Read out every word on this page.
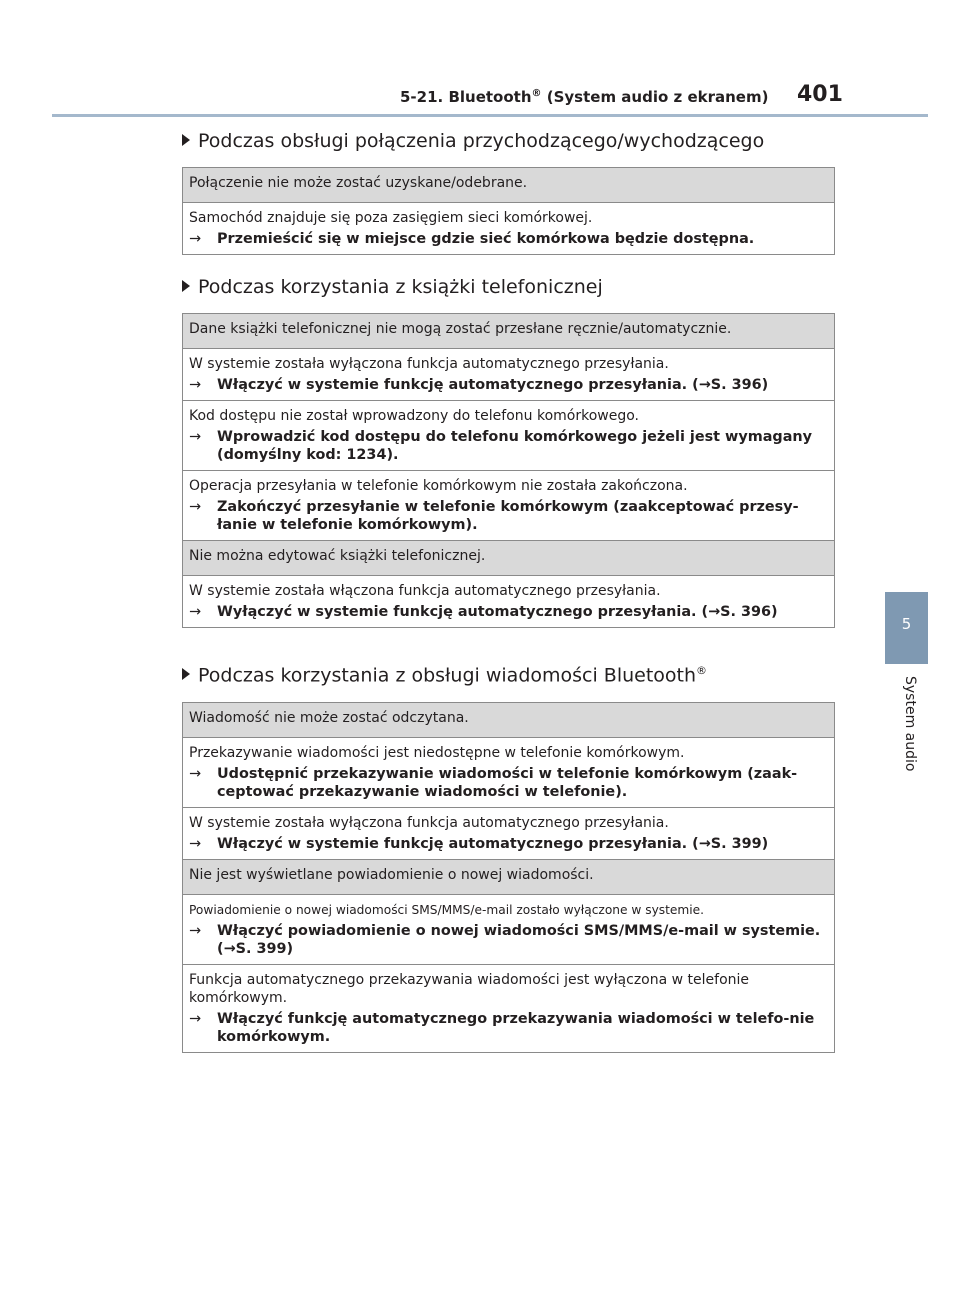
5-21. Bluetooth® (System audio z ekranem) 401
5
System audio
Podczas obsługi połączenia przychodzącego/wychodzącego
Połączenie nie może zostać uzyskane/odebrane.

Samochód znajduje się poza zasięgiem sieci komórkowej.
→	Przemieścić się w miejsce gdzie sieć komórkowa będzie dostępna.
Podczas korzystania z książki telefonicznej
Dane książki telefonicznej nie mogą zostać przesłane ręcznie/automatycznie.

W systemie została wyłączona funkcja automatycznego przesyłania.
→	Włączyć w systemie funkcję automatycznego przesyłania. (→S. 396)

Kod dostępu nie został wprowadzony do telefonu komórkowego.
→	Wprowadzić kod dostępu do telefonu komórkowego jeżeli jest wymagany (domyślny kod: 1234).

Operacja przesyłania w telefonie komórkowym nie została zakończona.
→	Zakończyć przesyłanie w telefonie komórkowym (zaakceptować przesy-łanie w telefonie komórkowym).

Nie można edytować książki telefonicznej.

W systemie została włączona funkcja automatycznego przesyłania.
→	Wyłączyć w systemie funkcję automatycznego przesyłania. (→S. 396)
Podczas korzystania z obsługi wiadomości Bluetooth®
Wiadomość nie może zostać odczytana.

Przekazywanie wiadomości jest niedostępne w telefonie komórkowym.
→	Udostępnić przekazywanie wiadomości w telefonie komórkowym (zaak-ceptować przekazywanie wiadomości w telefonie).

W systemie została wyłączona funkcja automatycznego przesyłania.
→	Włączyć w systemie funkcję automatycznego przesyłania. (→S. 399)

Nie jest wyświetlane powiadomienie o nowej wiadomości.

Powiadomienie o nowej wiadomości SMS/MMS/e-mail zostało wyłączone w systemie.
→	Włączyć powiadomienie o nowej wiadomości SMS/MMS/e-mail w systemie. (→S. 399)

Funkcja automatycznego przekazywania wiadomości jest wyłączona w telefonie komórkowym.
→	Włączyć funkcję automatycznego przekazywania wiadomości w telefo-nie komórkowym.
